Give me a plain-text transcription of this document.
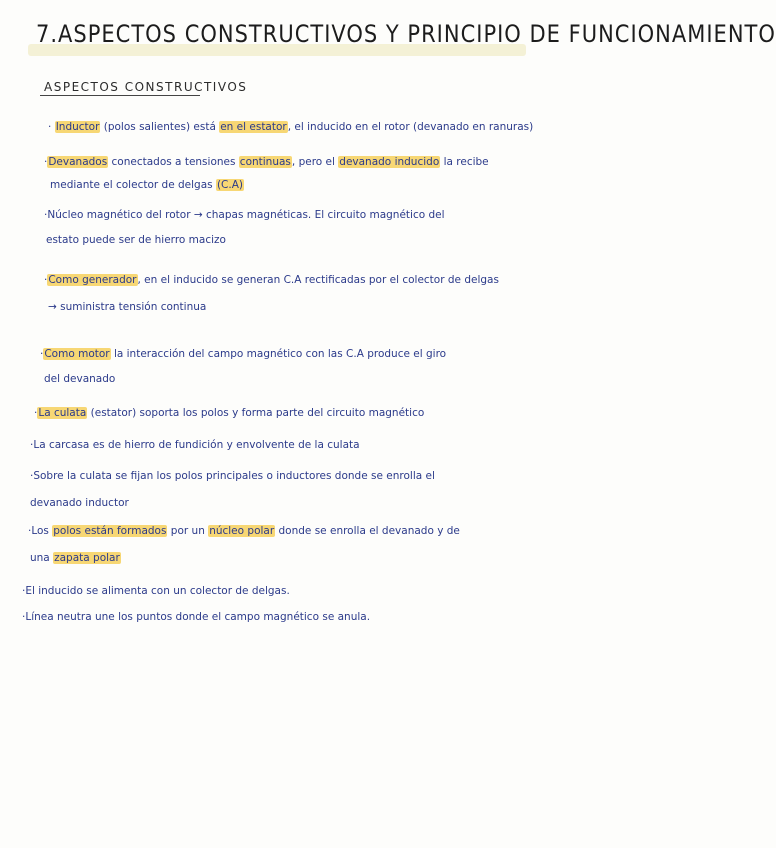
7.ASPECTOS CONSTRUCTIVOS Y PRINCIPIO DE FUNCIONAMIENTO
ASPECTOS CONSTRUCTIVOS
· Inductor (polos salientes) está en el estator, el inducido en el rotor (devanado en ranuras)
·Devanados conectados a tensiones continuas, pero el devanado inducido la recibe
mediante el colector de delgas (C.A)
·Núcleo magnético del rotor → chapas magnéticas. El circuito magnético del
estato puede ser de hierro macizo
·Como generador, en el inducido se generan C.A rectificadas por el colector de delgas
→ suministra tensión continua
·Como motor la interacción del campo magnético con las C.A produce el giro
del devanado
·La culata (estator) soporta los polos y forma parte del circuito magnético
·La carcasa es de hierro de fundición y envolvente de la culata
·Sobre la culata se fijan los polos principales o inductores donde se enrolla el
devanado inductor
·Los polos están formados por un núcleo polar donde se enrolla el devanado y de
una zapata polar
·El inducido se alimenta con un colector de delgas.
·Línea neutra une los puntos donde el campo magnético se anula.
